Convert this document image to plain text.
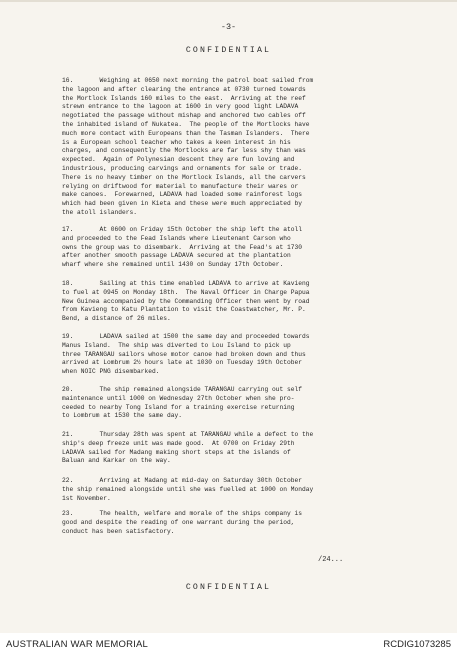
-3-
CONFIDENTIAL

16.       Weighing at 0650 next morning the patrol boat sailed from
the lagoon and after clearing the entrance at 0730 turned towards
the Mortlock Islands 160 miles to the east.  Arriving at the reef
strewn entrance to the lagoon at 1600 in very good light LADAVA
negotiated the passage without mishap and anchored two cables off
the inhabited island of Nukatea.  The people of the Mortlocks have
much more contact with Europeans than the Tasman Islanders.  There
is a European school teacher who takes a keen interest in his
charges, and consequently the Mortlocks are far less shy than was
expected.  Again of Polynesian descent they are fun loving and
industrious, producing carvings and ornaments for sale or trade.
There is no heavy timber on the Mortlock Islands, all the carvers
relying on driftwood for material to manufacture their wares or
make canoes.  Forewarned, LADAVA had loaded some rainforest logs
which had been given in Kieta and these were much appreciated by
the atoll islanders.

17.       At 0600 on Friday 15th October the ship left the atoll
and proceeded to the Fead Islands where Lieutenant Carson who
owns the group was to disembark.  Arriving at the Fead's at 1730
after another smooth passage LADAVA secured at the plantation
wharf where she remained until 1430 on Sunday 17th October.

18.       Sailing at this time enabled LADAVA to arrive at Kavieng
to fuel at 0945 on Monday 18th.  The Naval Officer in Charge Papua
New Guinea accompanied by the Commanding Officer then went by road
from Kavieng to Katu Plantation to visit the Coastwatcher, Mr. P.
Bend, a distance of 26 miles.

19.       LADAVA sailed at 1500 the same day and proceeded towards
Manus Island.  The ship was diverted to Lou Island to pick up
three TARANGAU sailors whose motor canoe had broken down and thus
arrived at Lombrum 2½ hours late at 1030 on Tuesday 19th October
when NOIC PNG disembarked.

20.       The ship remained alongside TARANGAU carrying out self
maintenance until 1000 on Wednesday 27th October when she pro-
ceeded to nearby Tong Island for a training exercise returning
to Lombrum at 1530 the same day.

21.       Thursday 28th was spent at TARANGAU while a defect to the
ship's deep freeze unit was made good.  At 0700 on Friday 29th
LADAVA sailed for Madang making short steps at the islands of
Baluan and Karkar on the way.

22.       Arriving at Madang at mid-day on Saturday 30th October
the ship remained alongside until she was fuelled at 1000 on Monday
1st November.

23.       The health, welfare and morale of the ships company is
good and despite the reading of one warrant during the period,
conduct has been satisfactory.

/24...
CONFIDENTIAL
AUSTRALIAN WAR MEMORIAL	RCDIG1073285
